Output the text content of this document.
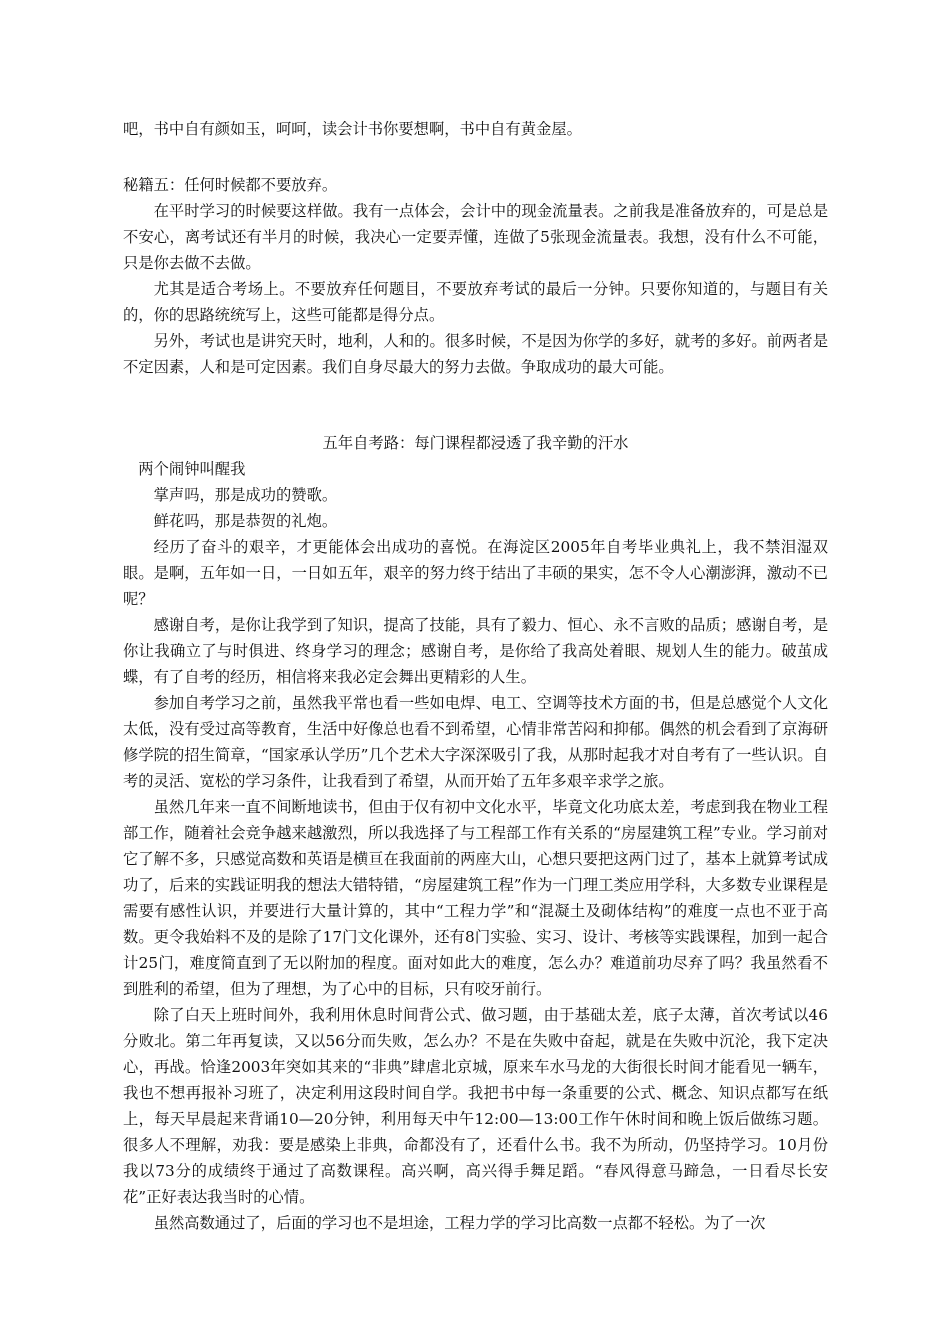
吧，书中自有颜如玉，呵呵，读会计书你要想啊，书中自有黄金屋。

秘籍五：任何时候都不要放弃。

在平时学习的时候要这样做。我有一点体会，会计中的现金流量表。之前我是准备放弃的，可是总是不安心，离考试还有半月的时候，我决心一定要弄懂，连做了5张现金流量表。我想，没有什么不可能，只是你去做不去做。

尤其是适合考场上。不要放弃任何题目，不要放弃考试的最后一分钟。只要你知道的，与题目有关的，你的思路统统写上，这些可能都是得分点。

另外，考试也是讲究天时，地利，人和的。很多时候，不是因为你学的多好，就考的多好。前两者是不定因素，人和是可定因素。我们自身尽最大的努力去做。争取成功的最大可能。

五年自考路：每门课程都浸透了我辛勤的汗水

两个闹钟叫醒我

掌声吗，那是成功的赞歌。

鲜花吗，那是恭贺的礼炮。

经历了奋斗的艰辛，才更能体会出成功的喜悦。在海淀区2005年自考毕业典礼上，我不禁泪湿双眼。是啊，五年如一日，一日如五年，艰辛的努力终于结出了丰硕的果实，怎不令人心潮澎湃，激动不已呢？

感谢自考，是你让我学到了知识，提高了技能，具有了毅力、恒心、永不言败的品质；感谢自考，是你让我确立了与时俱进、终身学习的理念；感谢自考，是你给了我高处着眼、规划人生的能力。破茧成蝶，有了自考的经历，相信将来我必定会舞出更精彩的人生。

参加自考学习之前，虽然我平常也看一些如电焊、电工、空调等技术方面的书，但是总感觉个人文化太低，没有受过高等教育，生活中好像总也看不到希望，心情非常苦闷和抑郁。偶然的机会看到了京海研修学院的招生简章，“国家承认学历”几个艺术大字深深吸引了我，从那时起我才对自考有了一些认识。自考的灵活、宽松的学习条件，让我看到了希望，从而开始了五年多艰辛求学之旅。

虽然几年来一直不间断地读书，但由于仅有初中文化水平，毕竟文化功底太差，考虑到我在物业工程部工作，随着社会竞争越来越激烈，所以我选择了与工程部工作有关系的“房屋建筑工程”专业。学习前对它了解不多，只感觉高数和英语是横亘在我面前的两座大山，心想只要把这两门过了，基本上就算考试成功了，后来的实践证明我的想法大错特错，“房屋建筑工程”作为一门理工类应用学科，大多数专业课程是需要有感性认识，并要进行大量计算的，其中“工程力学”和“混凝土及砌体结构”的难度一点也不亚于高数。更令我始料不及的是除了17门文化课外，还有8门实验、实习、设计、考核等实践课程，加到一起合计25门，难度简直到了无以附加的程度。面对如此大的难度，怎么办？难道前功尽弃了吗？我虽然看不到胜利的希望，但为了理想，为了心中的目标，只有咬牙前行。

除了白天上班时间外，我利用休息时间背公式、做习题，由于基础太差，底子太薄，首次考试以46分败北。第二年再复读，又以56分而失败，怎么办？不是在失败中奋起，就是在失败中沉沦，我下定决心，再战。恰逢2003年突如其来的“非典”肆虐北京城，原来车水马龙的大街很长时间才能看见一辆车，我也不想再报补习班了，决定利用这段时间自学。我把书中每一条重要的公式、概念、知识点都写在纸上，每天早晨起来背诵10—20分钟，利用每天中午12:00—13:00工作午休时间和晚上饭后做练习题。很多人不理解，劝我：要是感染上非典，命都没有了，还看什么书。我不为所动，仍坚持学习。10月份我以73分的成绩终于通过了高数课程。高兴啊，高兴得手舞足蹈。“春风得意马蹄急，一日看尽长安花”正好表达我当时的心情。

虽然高数通过了，后面的学习也不是坦途，工程力学的学习比高数一点都不轻松。为了一次
